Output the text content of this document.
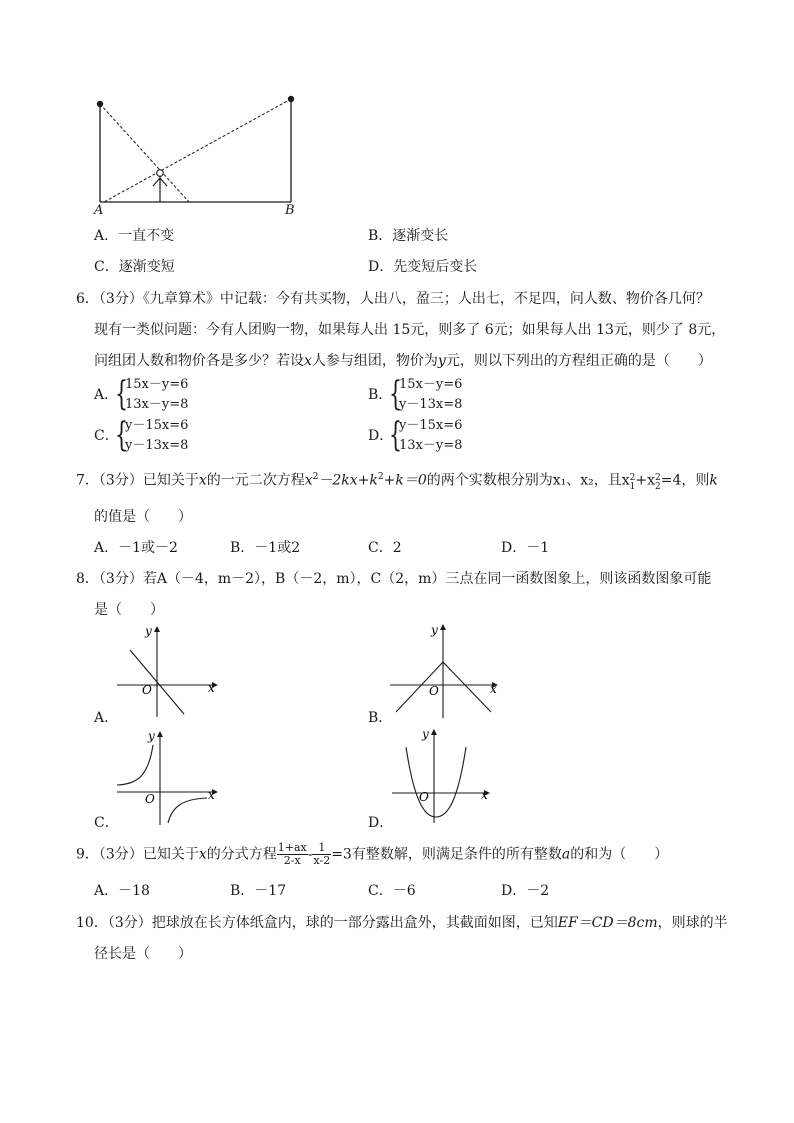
A	B
A．一直不变	B．逐渐变长
C．逐渐变短	D．先变短后变长
6．（3分）《九章算术》中记载：今有共买物，人出八，盈三；人出七，不足四，问人数、物价各几何？
现有一类似问题：今有人团购一物，如果每人出 15元，则多了 6元；如果每人出 13元，则少了 8元，
问组团人数和物价各是多少？若设x人参与组团，物价为y元，则以下列出的方程组正确的是（　　）
A．
{
15x－y=6
13x－y=8
B．
{
15x－y=6
y－13x=8
C．
{
y－15x=6
y－13x=8
D．
{
y－15x=6
13x－y=8
7．（3分）已知关于x的一元二次方程$x^2-2kx+k^2+k=0$的两个实数根分别为x₁、x₂，且x 2
1 +x 2
2 =4，则k
的值是（　　）
A．－1或－2	B．－1或2	C．2	D．－1
8．（3分）若A（－4，m－2），B（－2，m），C（2，m）三点在同一函数图象上，则该函数图象可能
是（　　）
y
x
O
A．
y
x
O
B．
y
x
O
C．
y
x
O
D．
9．（3分）已知关于x的分式方程 $\frac{1+ax}{2-x} - \frac{1}{x-2} =3$有整数解，则满足条件的所有整数a的和为（　　）
A．－18	B．－17	C．－6	D．－2
10．（3分）把球放在长方体纸盒内，球的一部分露出盒外，其截面如图，已知EF＝CD＝8cm，则球的半
径长是（　　）
